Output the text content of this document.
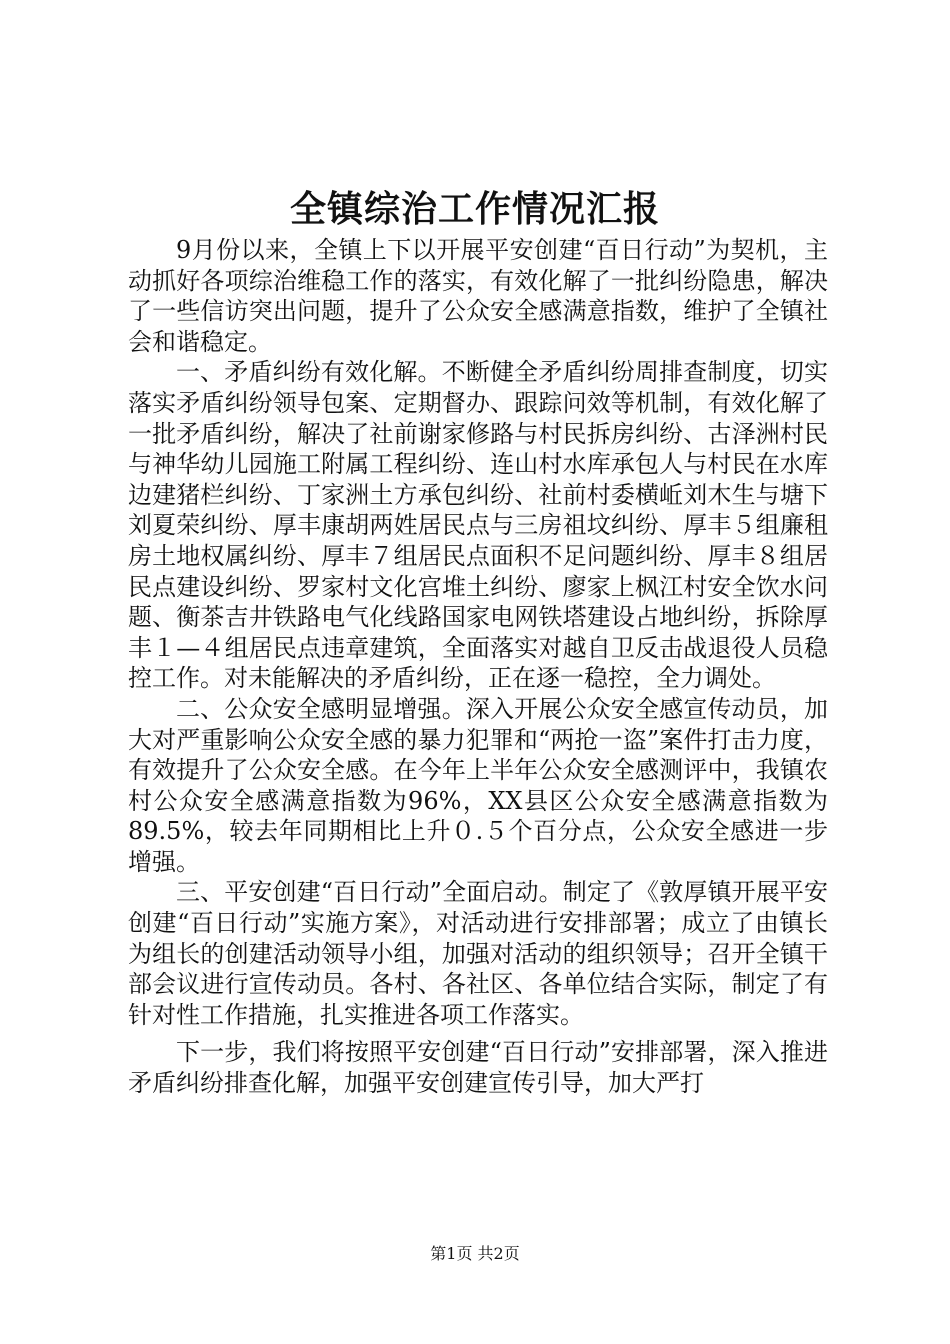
全镇综治工作情况汇报

9月份以来，全镇上下以开展平安创建“百日行动”为契机，主动抓好各项综治维稳工作的落实，有效化解了一批纠纷隐患，解决了一些信访突出问题，提升了公众安全感满意指数，维护了全镇社会和谐稳定。

一、矛盾纠纷有效化解。不断健全矛盾纠纷周排查制度，切实落实矛盾纠纷领导包案、定期督办、跟踪问效等机制，有效化解了一批矛盾纠纷，解决了社前谢家修路与村民拆房纠纷、古泽洲村民与神华幼儿园施工附属工程纠纷、连山村水库承包人与村民在水库边建猪栏纠纷、丁家洲土方承包纠纷、社前村委横岴刘木生与塘下刘夏荣纠纷、厚丰康胡两姓居民点与三房祖坟纠纷、厚丰５组廉租房土地权属纠纷、厚丰７组居民点面积不足问题纠纷、厚丰８组居民点建设纠纷、罗家村文化宫堆土纠纷、廖家上枫江村安全饮水问题、衡茶吉井铁路电气化线路国家电网铁塔建设占地纠纷，拆除厚丰１—４组居民点违章建筑，全面落实对越自卫反击战退役人员稳控工作。对未能解决的矛盾纠纷，正在逐一稳控，全力调处。

二、公众安全感明显增强。深入开展公众安全感宣传动员，加大对严重影响公众安全感的暴力犯罪和“两抢一盗”案件打击力度，有效提升了公众安全感。在今年上半年公众安全感测评中，我镇农村公众安全感满意指数为96%，XX县区公众安全感满意指数为89.5%，较去年同期相比上升０.５个百分点，公众安全感进一步增强。

三、平安创建“百日行动”全面启动。制定了《敦厚镇开展平安创建“百日行动”实施方案》，对活动进行安排部署；成立了由镇长为组长的创建活动领导小组，加强对活动的组织领导；召开全镇干部会议进行宣传动员。各村、各社区、各单位结合实际，制定了有针对性工作措施，扎实推进各项工作落实。

下一步，我们将按照平安创建“百日行动”安排部署，深入推进矛盾纠纷排查化解，加强平安创建宣传引导，加大严打

第1页 共2页
